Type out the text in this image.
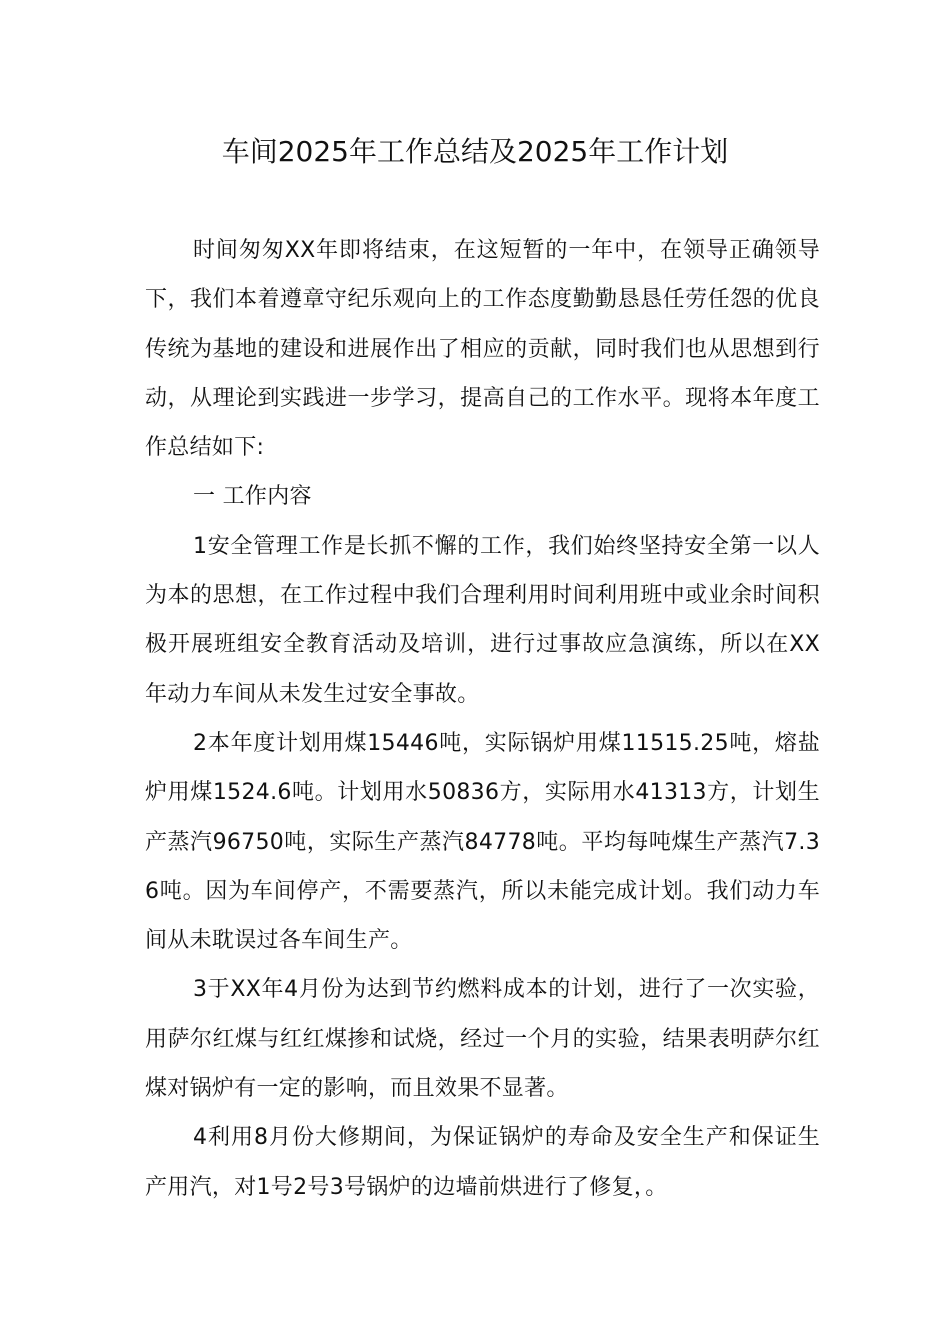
车间2025年工作总结及2025年工作计划

时间匆匆XX年即将结束，在这短暂的一年中，在领导正确领导下，我们本着遵章守纪乐观向上的工作态度勤勤恳恳任劳任怨的优良传统为基地的建设和进展作出了相应的贡献，同时我们也从思想到行动，从理论到实践进一步学习，提高自己的工作水平。现将本年度工作总结如下:

一 工作内容

1安全管理工作是长抓不懈的工作，我们始终坚持安全第一以人为本的思想，在工作过程中我们合理利用时间利用班中或业余时间积极开展班组安全教育活动及培训，进行过事故应急演练，所以在XX年动力车间从未发生过安全事故。

2本年度计划用煤15446吨，实际锅炉用煤11515.25吨，熔盐炉用煤1524.6吨。计划用水50836方，实际用水41313方，计划生产蒸汽96750吨，实际生产蒸汽84778吨。平均每吨煤生产蒸汽7.36吨。因为车间停产，不需要蒸汽，所以未能完成计划。我们动力车间从未耽误过各车间生产。

3于XX年4月份为达到节约燃料成本的计划，进行了一次实验，用萨尔红煤与红红煤掺和试烧，经过一个月的实验，结果表明萨尔红煤对锅炉有一定的影响，而且效果不显著。

4利用8月份大修期间，为保证锅炉的寿命及安全生产和保证生产用汽，对1号2号3号锅炉的边墙前烘进行了修复，。
